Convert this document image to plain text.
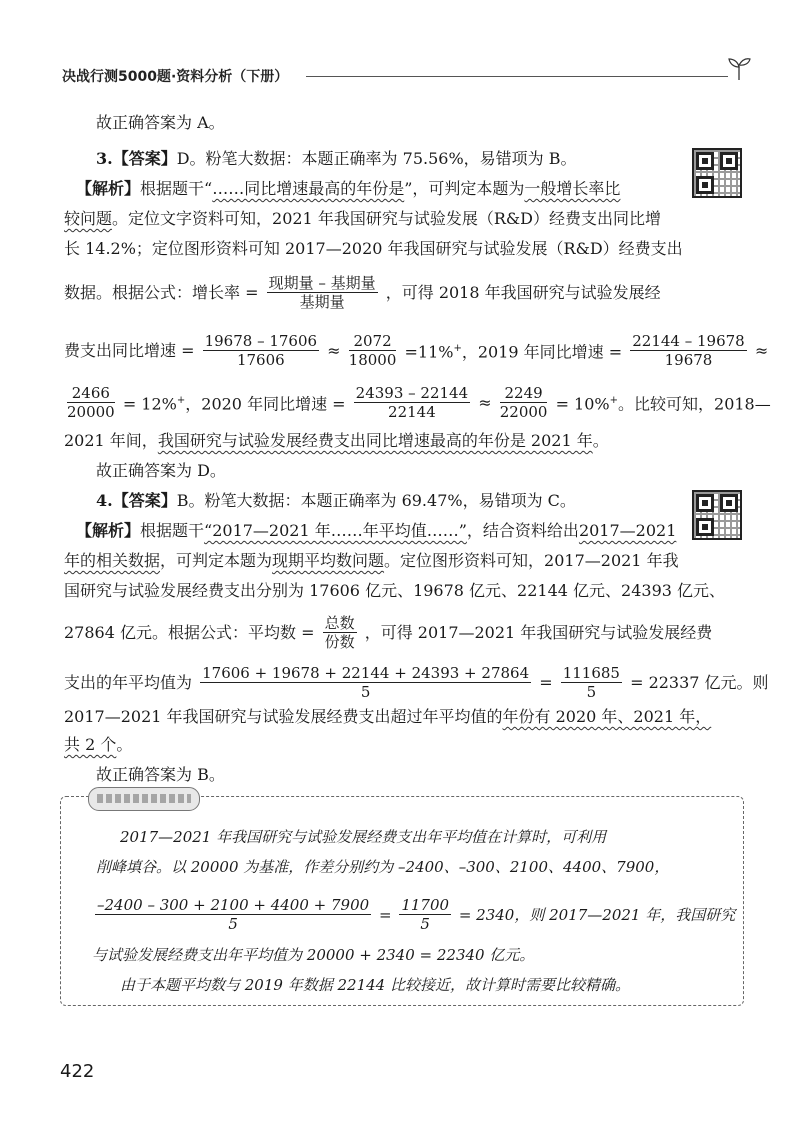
决战行测5000题·资料分析（下册）
故正确答案为 A。
3.【答案】D。粉笔大数据：本题正确率为 75.56%，易错项为 B。
【解析】根据题干“……同比增速最高的年份是”，可判定本题为一般增长率比
较问题。定位文字资料可知，2021 年我国研究与试验发展（R&D）经费支出同比增
长 14.2%；定位图形资料可知 2017—2020 年我国研究与试验发展（R&D）经费支出
数据。根据公式：增长率 = $\frac{\text{现期量 – 基期量}}{\text{基期量}}$ ，可得 2018 年我国研究与试验发展经
费支出同比增速 = $\frac{19678 - 17606}{17606} \approx \frac{2072}{18000} =11\%^+$，2019 年同比增速 = $\frac{22144 - 19678}{19678}$ ≈
$\frac{2466}{20000} = 12\%^+$，2020 年同比增速 = $\frac{24393 - 22144}{22144} \approx \frac{2249}{22000} = 10\%^+$。比较可知，2018—
2021 年间，我国研究与试验发展经费支出同比增速最高的年份是 2021 年。
故正确答案为 D。
4.【答案】B。粉笔大数据：本题正确率为 69.47%，易错项为 C。
【解析】根据题干“2017—2021 年……年平均值……”，结合资料给出2017—2021
年的相关数据，可判定本题为现期平均数问题。定位图形资料可知，2017—2021 年我
国研究与试验发展经费支出分别为 17606 亿元、19678 亿元、22144 亿元、24393 亿元、
27864 亿元。根据公式：平均数 = $\frac{\text{总数}}{\text{份数}}$ ，可得 2017—2021 年我国研究与试验发展经费
支出的年平均值为 $\frac{17606 + 19678 + 22144 + 24393 + 27864}{5} = \frac{111685}{5} = 22337$ 亿元。则
2017—2021 年我国研究与试验发展经费支出超过年平均值的年份有 2020 年、2021 年，
共 2 个。
故正确答案为 B。
2017—2021 年我国研究与试验发展经费支出年平均值在计算时，可利用
削峰填谷。以 20000 为基准，作差分别约为 –2400、–300、2100、4400、7900，
$\frac{-2400 - 300 + 2100 + 4400 + 7900}{5} = \frac{11700}{5} = 2340$，则 2017—2021 年，我国研究
与试验发展经费支出年平均值为 20000 + 2340 = 22340 亿元。
由于本题平均数与 2019 年数据 22144 比较接近，故计算时需要比较精确。
422
